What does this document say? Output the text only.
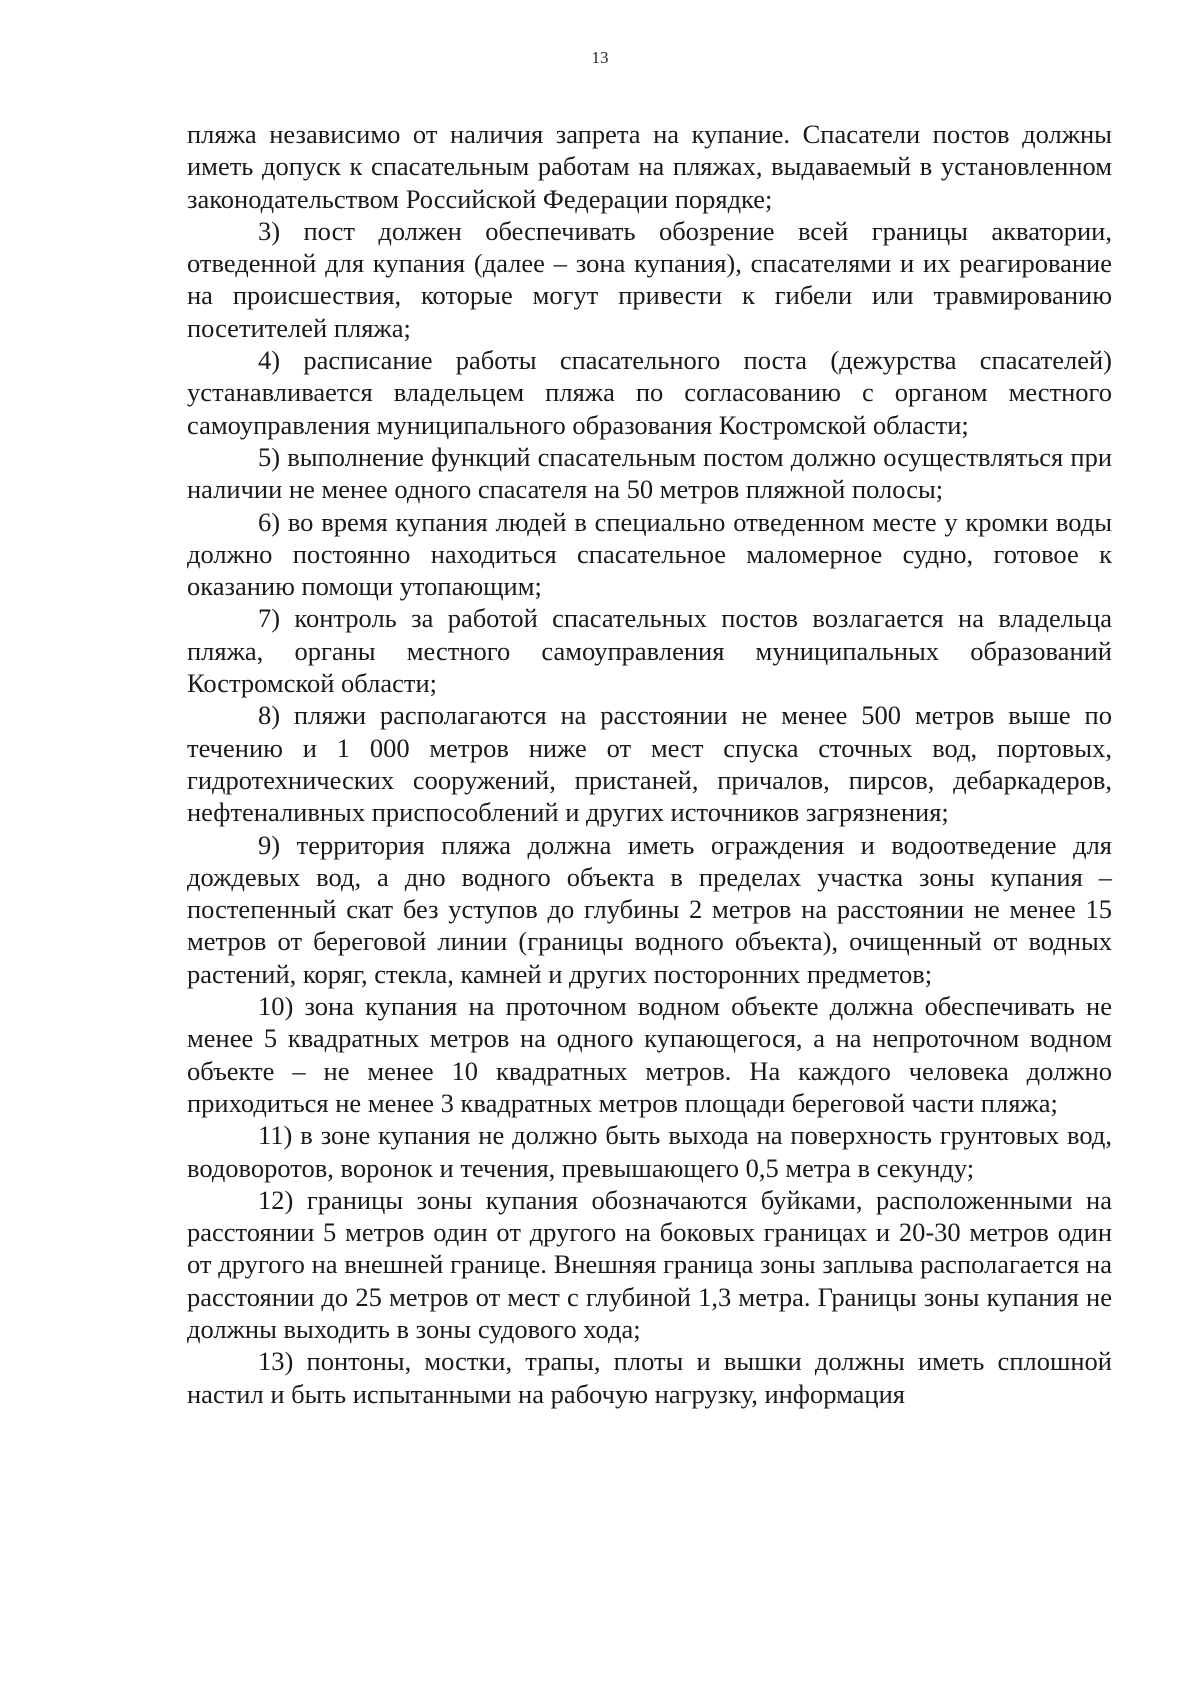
13

пляжа независимо от наличия запрета на купание. Спасатели постов должны иметь допуск к спасательным работам на пляжах, выдаваемый в установленном законодательством Российской Федерации порядке;

3) пост должен обеспечивать обозрение всей границы акватории, отведенной для купания (далее – зона купания), спасателями и их реагирование на происшествия, которые могут привести к гибели или травмированию посетителей пляжа;

4) расписание работы спасательного поста (дежурства спасателей) устанавливается владельцем пляжа по согласованию с органом местного самоуправления муниципального образования Костромской области;

5) выполнение функций спасательным постом должно осуществляться при наличии не менее одного спасателя на 50 метров пляжной полосы;

6) во время купания людей в специально отведенном месте у кромки воды должно постоянно находиться спасательное маломерное судно, готовое к оказанию помощи утопающим;

7) контроль за работой спасательных постов возлагается на владельца пляжа, органы местного самоуправления муниципальных образований Костромской области;

8) пляжи располагаются на расстоянии не менее 500 метров выше по течению и 1 000 метров ниже от мест спуска сточных вод, портовых, гидротехнических сооружений, пристаней, причалов, пирсов, дебаркадеров, нефтеналивных приспособлений и других источников загрязнения;

9) территория пляжа должна иметь ограждения и водоотведение для дождевых вод, а дно водного объекта в пределах участка зоны купания – постепенный скат без уступов до глубины 2 метров на расстоянии не менее 15 метров от береговой линии (границы водного объекта), очищенный от водных растений, коряг, стекла, камней и других посторонних предметов;

10) зона купания на проточном водном объекте должна обеспечивать не менее 5 квадратных метров на одного купающегося, а на непроточном водном объекте – не менее 10 квадратных метров. На каждого человека должно приходиться не менее 3 квадратных метров площади береговой части пляжа;

11) в зоне купания не должно быть выхода на поверхность грунтовых вод, водоворотов, воронок и течения, превышающего 0,5 метра в секунду;

12) границы зоны купания обозначаются буйками, расположенными на расстоянии 5 метров один от другого на боковых границах и 20-30 метров один от другого на внешней границе. Внешняя граница зоны заплыва располагается на расстоянии до 25 метров от мест с глубиной 1,3 метра. Границы зоны купания не должны выходить в зоны судового хода;

13) понтоны, мостки, трапы, плоты и вышки должны иметь сплошной настил и быть испытанными на рабочую нагрузку, информация
